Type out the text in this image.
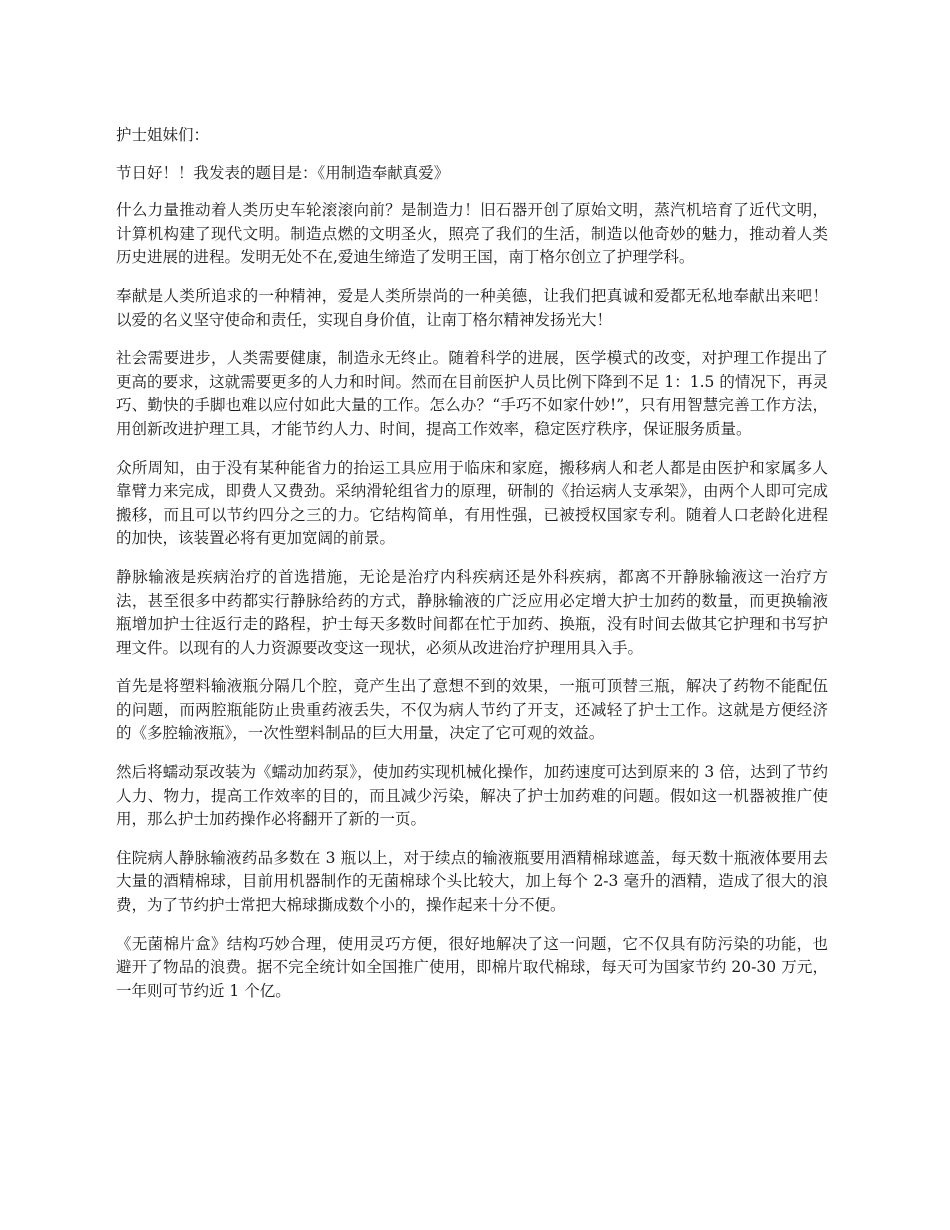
护士姐妹们：

节日好！！我发表的题目是：《用制造奉献真爱》

什么力量推动着人类历史车轮滚滚向前？是制造力！旧石器开创了原始文明，蒸汽机培育了近代文明，计算机构建了现代文明。制造点燃的文明圣火，照亮了我们的生活，制造以他奇妙的魅力，推动着人类历史进展的进程。发明无处不在,爱迪生缔造了发明王国，南丁格尔创立了护理学科。

奉献是人类所追求的一种精神，爱是人类所崇尚的一种美德，让我们把真诚和爱都无私地奉献出来吧！以爱的名义坚守使命和责任，实现自身价值，让南丁格尔精神发扬光大！

社会需要进步，人类需要健康，制造永无终止。随着科学的进展，医学模式的改变，对护理工作提出了更高的要求，这就需要更多的人力和时间。然而在目前医护人员比例下降到不足 1：1.5 的情况下，再灵巧、勤快的手脚也难以应付如此大量的工作。怎么办？“手巧不如家什妙!”，只有用智慧完善工作方法，用创新改进护理工具，才能节约人力、时间，提高工作效率，稳定医疗秩序，保证服务质量。

众所周知，由于没有某种能省力的抬运工具应用于临床和家庭，搬移病人和老人都是由医护和家属多人靠臂力来完成，即费人又费劲。采纳滑轮组省力的原理，研制的《抬运病人支承架》，由两个人即可完成搬移，而且可以节约四分之三的力。它结构简单，有用性强，已被授权国家专利。随着人口老龄化进程的加快，该装置必将有更加宽阔的前景。

静脉输液是疾病治疗的首选措施，无论是治疗内科疾病还是外科疾病，都离不开静脉输液这一治疗方法，甚至很多中药都实行静脉给药的方式，静脉输液的广泛应用必定增大护士加药的数量，而更换输液瓶增加护士往返行走的路程，护士每天多数时间都在忙于加药、换瓶，没有时间去做其它护理和书写护理文件。以现有的人力资源要改变这一现状，必须从改进治疗护理用具入手。

首先是将塑料输液瓶分隔几个腔，竟产生出了意想不到的效果，一瓶可顶替三瓶，解决了药物不能配伍的问题，而两腔瓶能防止贵重药液丢失，不仅为病人节约了开支，还减轻了护士工作。这就是方便经济的《多腔输液瓶》，一次性塑料制品的巨大用量，决定了它可观的效益。

然后将蠕动泵改装为《蠕动加药泵》，使加药实现机械化操作，加药速度可达到原来的 3 倍，达到了节约人力、物力，提高工作效率的目的，而且减少污染，解决了护士加药难的问题。假如这一机器被推广使用，那么护士加药操作必将翻开了新的一页。

住院病人静脉输液药品多数在 3 瓶以上，对于续点的输液瓶要用酒精棉球遮盖，每天数十瓶液体要用去大量的酒精棉球，目前用机器制作的无菌棉球个头比较大，加上每个 2-3 毫升的酒精，造成了很大的浪费，为了节约护士常把大棉球撕成数个小的，操作起来十分不便。

《无菌棉片盒》结构巧妙合理，使用灵巧方便，很好地解决了这一问题，它不仅具有防污染的功能，也避开了物品的浪费。据不完全统计如全国推广使用，即棉片取代棉球，每天可为国家节约 20-30 万元，一年则可节约近 1 个亿。
